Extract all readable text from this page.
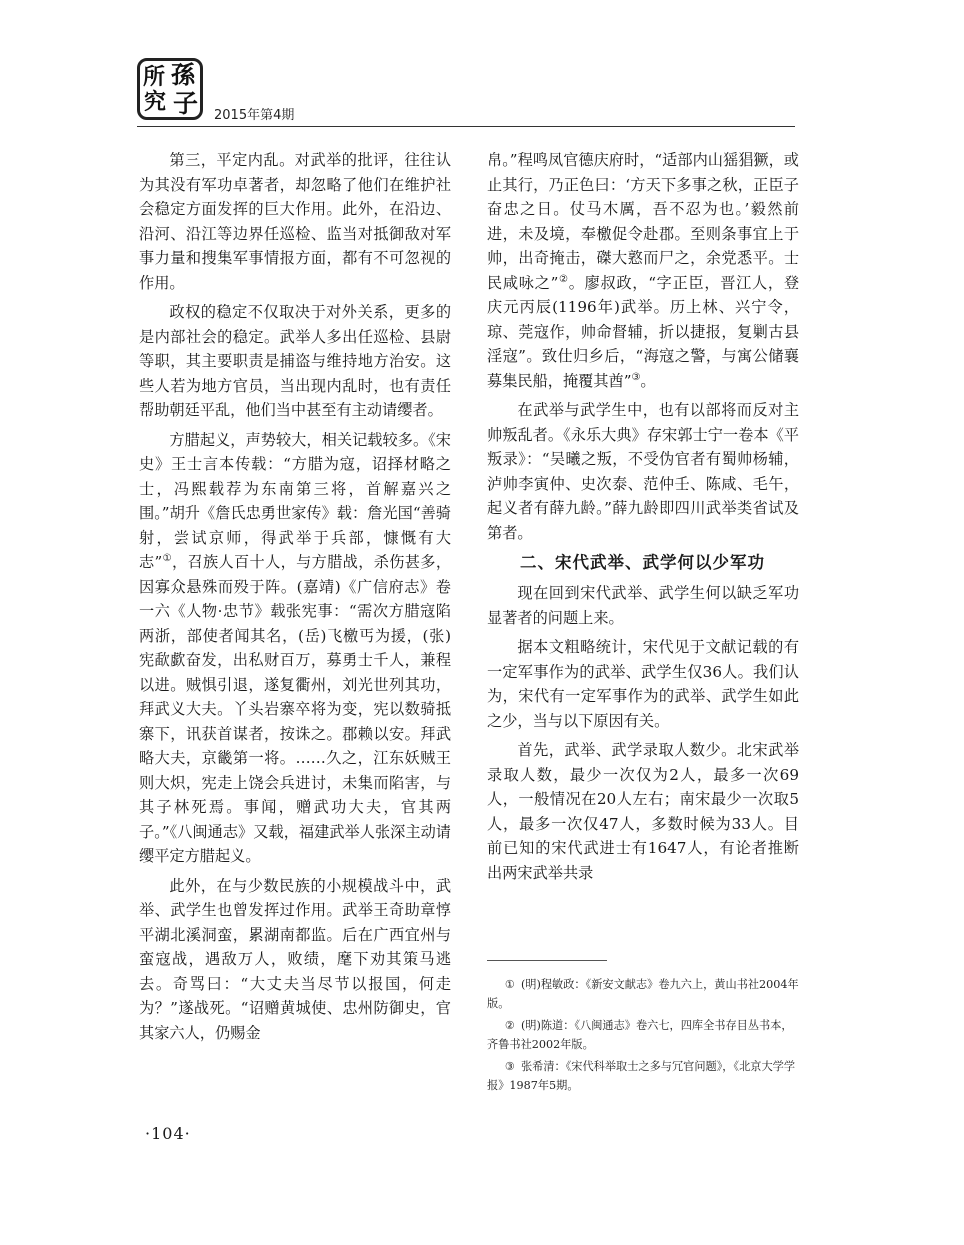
所 孫
究 子 2015年第4期

第三，平定内乱。对武举的批评，往往认为其没有军功卓著者，却忽略了他们在维护社会稳定方面发挥的巨大作用。此外，在沿边、沿河、沿江等边界任巡检、监当对抵御敌对军事力量和搜集军事情报方面，都有不可忽视的作用。

政权的稳定不仅取决于对外关系，更多的是内部社会的稳定。武举人多出任巡检、县尉等职，其主要职责是捕盗与维持地方治安。这些人若为地方官员，当出现内乱时，也有责任帮助朝廷平乱，他们当中甚至有主动请缨者。

方腊起义，声势较大，相关记载较多。《宋史》王士言本传载：“方腊为寇，诏择材略之士，冯熙载荐为东南第三将，首解嘉兴之围。”胡升《詹氏忠勇世家传》载：詹光国“善骑射，尝试京师，得武举于兵部，慷慨有大志”①，召族人百十人，与方腊战，杀伤甚多，因寡众悬殊而殁于阵。(嘉靖)《广信府志》卷一六《人物·忠节》载张宪事：“需次方腊寇陷两浙，部使者闻其名，(岳)飞檄丐为援，(张)宪歃歔奋发，出私财百万，募勇士千人，兼程以进。贼惧引退，遂复衢州，刘光世列其功，拜武义大夫。丫头岩寨卒将为变，宪以数骑抵寨下，讯获首谋者，按诛之。郡赖以安。拜武略大夫，京畿第一将。……久之，江东妖贼王则大炽，宪走上饶会兵进讨，未集而陷害，与其子林死焉。事闻，赠武功大夫，官其两子。”《八闽通志》又载，福建武举人张深主动请缨平定方腊起义。

此外，在与少数民族的小规模战斗中，武举、武学生也曾发挥过作用。武举王奇助章惇平湖北溪洞蛮，累湖南都监。后在广西宜州与蛮寇战，遇敌万人，败绩，麾下劝其策马逃去。奇骂曰：“大丈夫当尽节以报国，何走为？”遂战死。“诏赠黄城使、忠州防御史，官其家六人，仍赐金

帛。”程鸣凤官德庆府时，“适部内山猺猖獗，或止其行，乃正色曰：‘方天下多事之秋，正臣子奋忠之日。仗马木厲，吾不忍为也。’毅然前进，未及境，奉檄促令赴郡。至则条事宜上于帅，出奇掩击，磔大憝而尸之，余党悉平。士民咸咏之”②。廖叔政，“字正臣，晋江人，登庆元丙辰(1196年)武举。历上林、兴宁令，琼、莞寇作，帅命督辅，折以捷报，复剿古县淫寇”。致仕归乡后，“海寇之警，与寓公储襄募集民船，掩覆其酋”③。

在武举与武学生中，也有以部将而反对主帅叛乱者。《永乐大典》存宋郭士宁一卷本《平叛录》：“吴曦之叛，不受伪官者有蜀帅杨辅，泸帅李寅仲、史次泰、范仲壬、陈咸、毛午，起义者有薛九龄。”薛九龄即四川武举类省试及第者。

二、宋代武举、武学何以少军功

现在回到宋代武举、武学生何以缺乏军功显著者的问题上来。

据本文粗略统计，宋代见于文献记载的有一定军事作为的武举、武学生仅36人。我们认为，宋代有一定军事作为的武举、武学生如此之少，当与以下原因有关。

首先，武举、武学录取人数少。北宋武举录取人数，最少一次仅为2人，最多一次69人，一般情况在20人左右；南宋最少一次取5人，最多一次仅47人，多数时候为33人。目前已知的宋代武进士有1647人，有论者推断出两宋武举共录

① (明)程敏政：《新安文献志》卷九六上，黄山书社2004年版。
② (明)陈道：《八闽通志》卷六七，四库全书存目丛书本，齐鲁书社2002年版。
③ 张希清：《宋代科举取士之多与冗官问题》，《北京大学学报》1987年5期。
·104·
